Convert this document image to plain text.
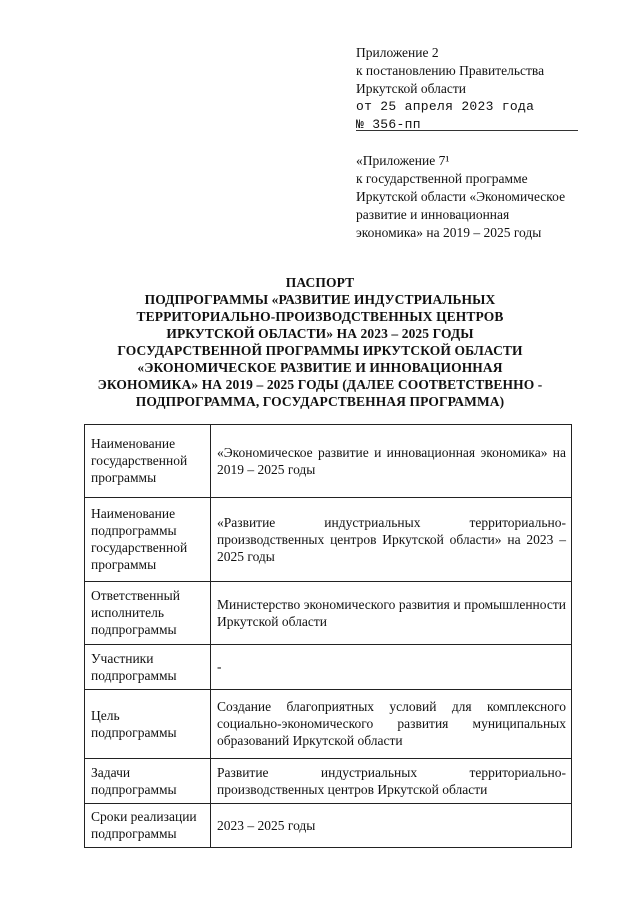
Приложение 2
к постановлению Правительства
Иркутской области
от 25 апреля 2023 года
№ 356-пп
«Приложение 7¹
к государственной программе
Иркутской области «Экономическое
развитие и инновационная
экономика» на 2019 – 2025 годы
ПАСПОРТ
ПОДПРОГРАММЫ «РАЗВИТИЕ ИНДУСТРИАЛЬНЫХ
ТЕРРИТОРИАЛЬНО-ПРОИЗВОДСТВЕННЫХ ЦЕНТРОВ
ИРКУТСКОЙ ОБЛАСТИ» НА 2023 – 2025 ГОДЫ
ГОСУДАРСТВЕННОЙ ПРОГРАММЫ ИРКУТСКОЙ ОБЛАСТИ
«ЭКОНОМИЧЕСКОЕ РАЗВИТИЕ И ИННОВАЦИОННАЯ
ЭКОНОМИКА» НА 2019 – 2025 ГОДЫ (ДАЛЕЕ СООТВЕТСТВЕННО -
ПОДПРОГРАММА, ГОСУДАРСТВЕННАЯ ПРОГРАММА)
Наименование государственной программы	«Экономическое развитие и инновационная экономика» на 2019 – 2025 годы
Наименование подпрограммы государственной программы	«Развитие индустриальных территориально-производственных центров Иркутской области» на 2023 – 2025 годы
Ответственный исполнитель подпрограммы	Министерство экономического развития и промышленности Иркутской области
Участники подпрограммы	-
Цель подпрограммы	Создание благоприятных условий для комплексного социально-экономического развития муниципальных образований Иркутской области
Задачи подпрограммы	Развитие индустриальных территориально-производственных центров Иркутской области
Сроки реализации подпрограммы	2023 – 2025 годы
